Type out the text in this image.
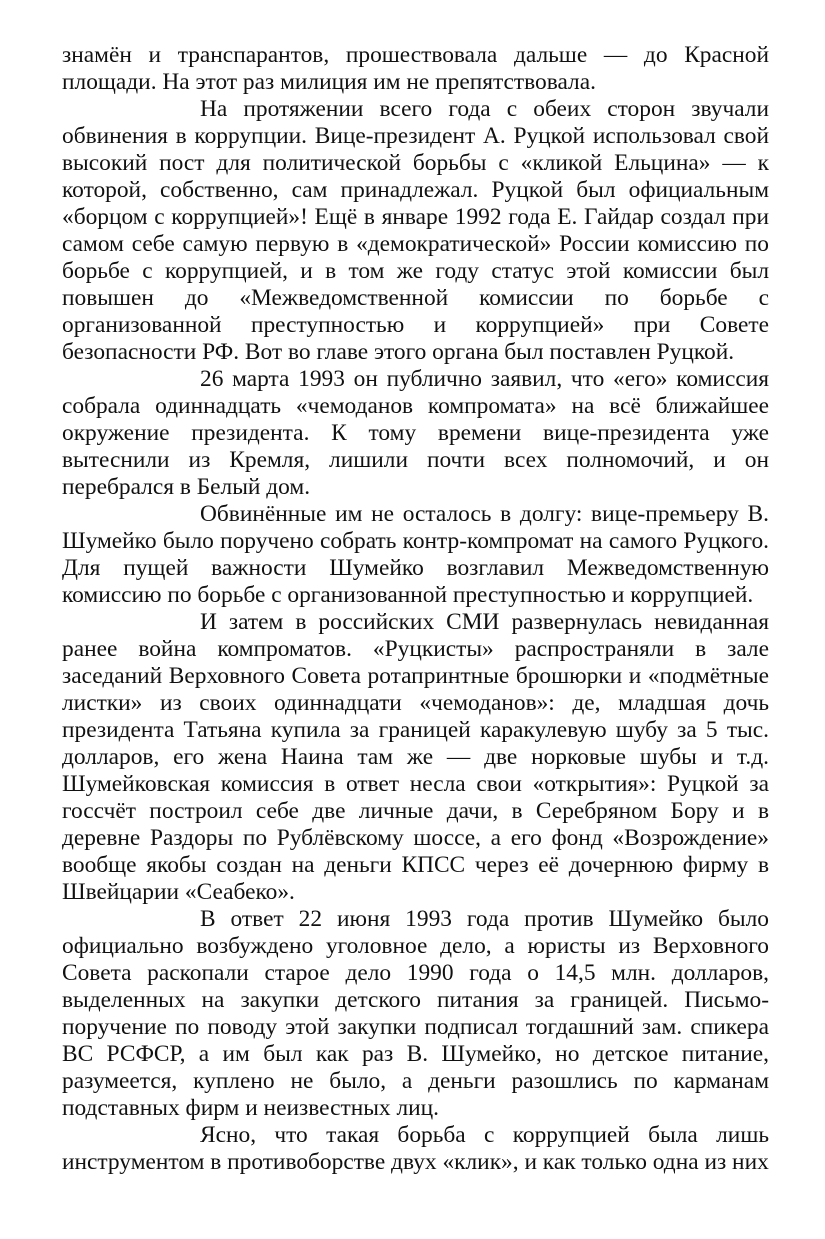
знамён и транспарантов, прошествовала дальше — до Красной площади. На этот раз милиция им не препятствовала.

На протяжении всего года с обеих сторон звучали обвинения в коррупции. Вице-президент А. Руцкой использовал свой высокий пост для политической борьбы с «кликой Ельцина» — к которой, собственно, сам принадлежал. Руцкой был официальным «борцом с коррупцией»! Ещё в январе 1992 года Е. Гайдар создал при самом себе самую первую в «демократической» России комиссию по борьбе с коррупцией, и в том же году статус этой комиссии был повышен до «Межведомственной комиссии по борьбе с организованной преступностью и коррупцией» при Совете безопасности РФ. Вот во главе этого органа был поставлен Руцкой.

26 марта 1993 он публично заявил, что «его» комиссия собрала одиннадцать «чемоданов компромата» на всё ближайшее окружение президента. К тому времени вице-президента уже вытеснили из Кремля, лишили почти всех полномочий, и он перебрался в Белый дом.

Обвинённые им не осталось в долгу: вице-премьеру В. Шумейко было поручено собрать контр-компромат на самого Руцкого. Для пущей важности Шумейко возглавил Межведомственную комиссию по борьбе с организованной преступностью и коррупцией.

И затем в российских СМИ развернулась невиданная ранее война компроматов. «Руцкисты» распространяли в зале заседаний Верховного Совета ротапринтные брошюрки и «подмётные листки» из своих одиннадцати «чемоданов»: де, младшая дочь президента Татьяна купила за границей каракулевую шубу за 5 тыс. долларов, его жена Наина там же — две норковые шубы и т.д. Шумейковская комиссия в ответ несла свои «открытия»: Руцкой за госсчёт построил себе две личные дачи, в Серебряном Бору и в деревне Раздоры по Рублёвскому шоссе, а его фонд «Возрождение» вообще якобы создан на деньги КПСС через её дочернюю фирму в Швейцарии «Сеабеко».

В ответ 22 июня 1993 года против Шумейко было официально возбуждено уголовное дело, а юристы из Верховного Совета раскопали старое дело 1990 года о 14,5 млн. долларов, выделенных на закупки детского питания за границей. Письмо-поручение по поводу этой закупки подписал тогдашний зам. спикера ВС РСФСР, а им был как раз В. Шумейко, но детское питание, разумеется, куплено не было, а деньги разошлись по карманам подставных фирм и неизвестных лиц.

Ясно, что такая борьба с коррупцией была лишь инструментом в противоборстве двух «клик», и как только одна из них
